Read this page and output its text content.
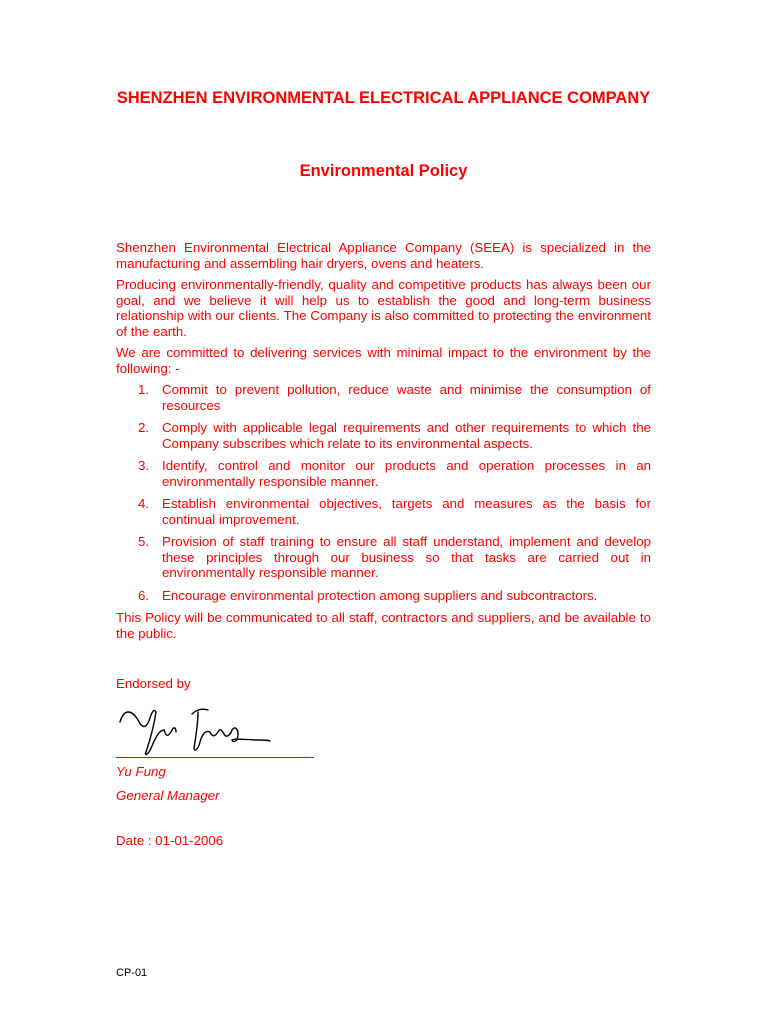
SHENZHEN ENVIRONMENTAL ELECTRICAL APPLIANCE COMPANY
Environmental Policy

Shenzhen Environmental Electrical Appliance Company (SEEA) is specialized in the manufacturing and assembling hair dryers, ovens and heaters.

Producing environmentally-friendly, quality and competitive products has always been our goal, and we believe it will help us to establish the good and long-term business relationship with our clients. The Company is also committed to protecting the environment of the earth.

We are committed to delivering services with minimal impact to the environment by the following: -

1. Commit to prevent pollution, reduce waste and minimise the consumption of resources
2. Comply with applicable legal requirements and other requirements to which the Company subscribes which relate to its environmental aspects.
3. Identify, control and monitor our products and operation processes in an environmentally responsible manner.
4. Establish environmental objectives, targets and measures as the basis for continual improvement.
5. Provision of staff training to ensure all staff understand, implement and develop these principles through our business so that tasks are carried out in environmentally responsible manner.
6. Encourage environmental protection among suppliers and subcontractors.

This Policy will be communicated to all staff, contractors and suppliers, and be available to the public.

Endorsed by
Yu Fung
General Manager
Date : 01-01-2006
CP-01
